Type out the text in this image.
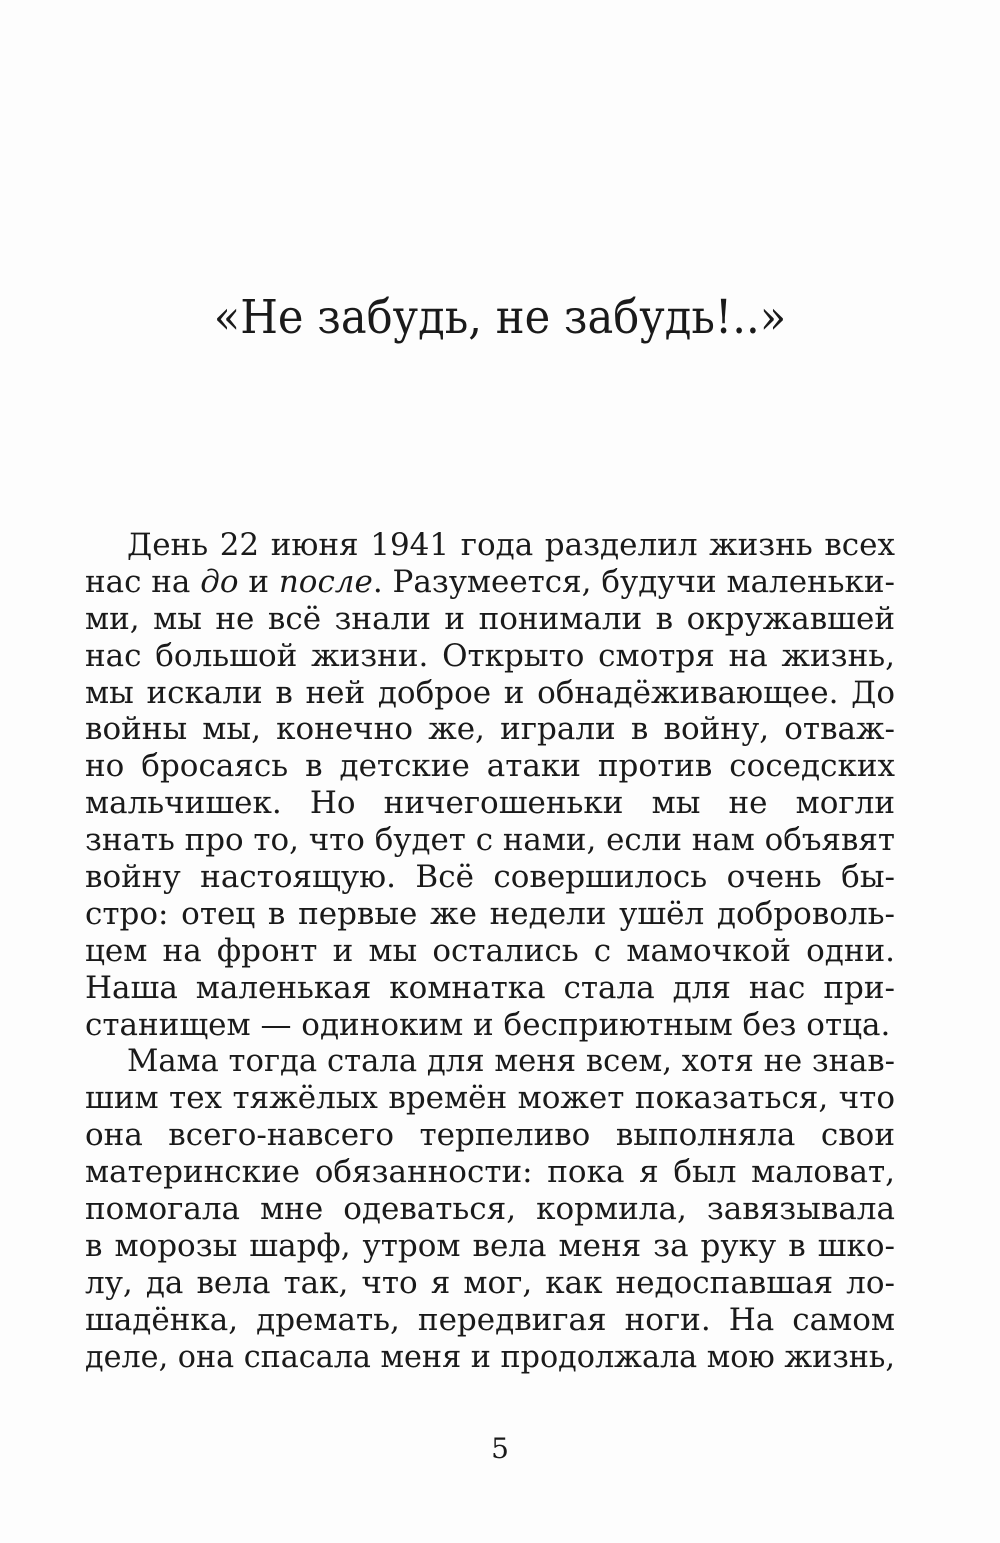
«Не забудь, не забудь!..»
День 22 июня 1941 года разделил жизнь всех
нас на до и после. Разумеется, будучи маленьки-
ми, мы не всё знали и понимали в окружавшей
нас большой жизни. Открыто смотря на жизнь,
мы искали в ней доброе и обнадёживающее. До
войны мы, конечно же, играли в войну, отваж-
но бросаясь в детские атаки против соседских
мальчишек. Но ничегошеньки мы не могли
знать про то, что будет с нами, если нам объявят
войну настоящую. Всё совершилось очень бы-
стро: отец в первые же недели ушёл доброволь-
цем на фронт и мы остались с мамочкой одни.
Наша маленькая комнатка стала для нас при-
станищем — одиноким и бесприютным без отца.
Мама тогда стала для меня всем, хотя не знав-
шим тех тяжёлых времён может показаться, что
она всего-навсего терпеливо выполняла свои
материнские обязанности: пока я был маловат,
помогала мне одеваться, кормила, завязывала
в морозы шарф, утром вела меня за руку в шко-
лу, да вела так, что я мог, как недоспавшая ло-
шадёнка, дремать, передвигая ноги. На самом
деле, она спасала меня и продолжала мою жизнь,
5
